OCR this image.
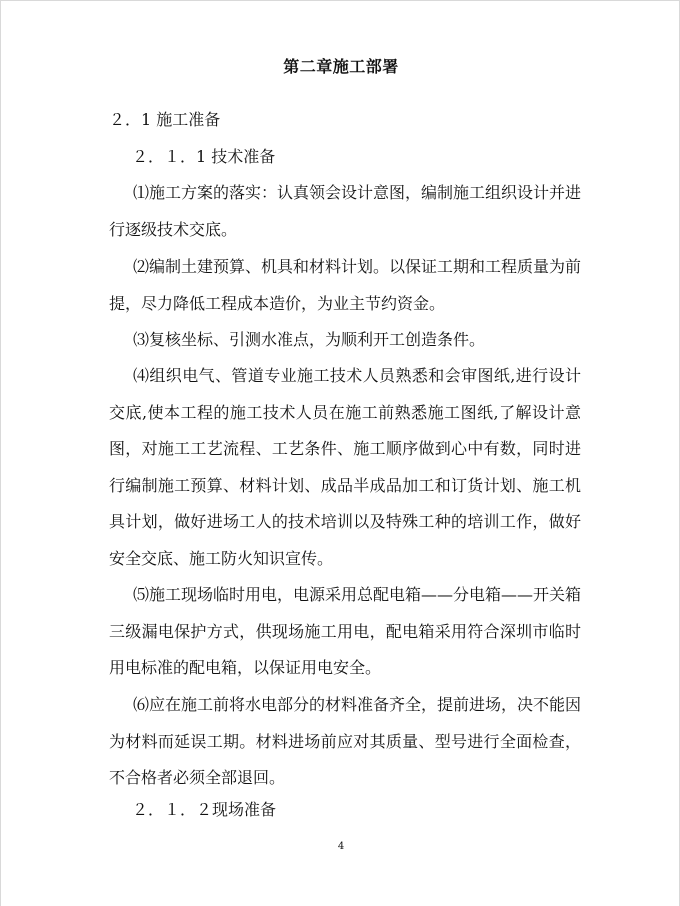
第二章施工部署
２．1 施工准备
２．１．1 技术准备

⑴施工方案的落实：认真领会设计意图，编制施工组织设计并进行逐级技术交底。

⑵编制土建预算、机具和材料计划。以保证工期和工程质量为前提，尽力降低工程成本造价，为业主节约资金。

⑶复核坐标、引测水准点，为顺利开工创造条件。

⑷组织电气、管道专业施工技术人员熟悉和会审图纸,进行设计交底,使本工程的施工技术人员在施工前熟悉施工图纸,了解设计意图，对施工工艺流程、工艺条件、施工顺序做到心中有数，同时进行编制施工预算、材料计划、成品半成品加工和订货计划、施工机具计划，做好进场工人的技术培训以及特殊工种的培训工作，做好安全交底、施工防火知识宣传。

⑸施工现场临时用电，电源采用总配电箱——分电箱——开关箱三级漏电保护方式，供现场施工用电，配电箱采用符合深圳市临时用电标准的配电箱，以保证用电安全。

⑹应在施工前将水电部分的材料准备齐全，提前进场，决不能因为材料而延误工期。材料进场前应对其质量、型号进行全面检查，不合格者必须全部退回。

２．１．２现场准备
4
